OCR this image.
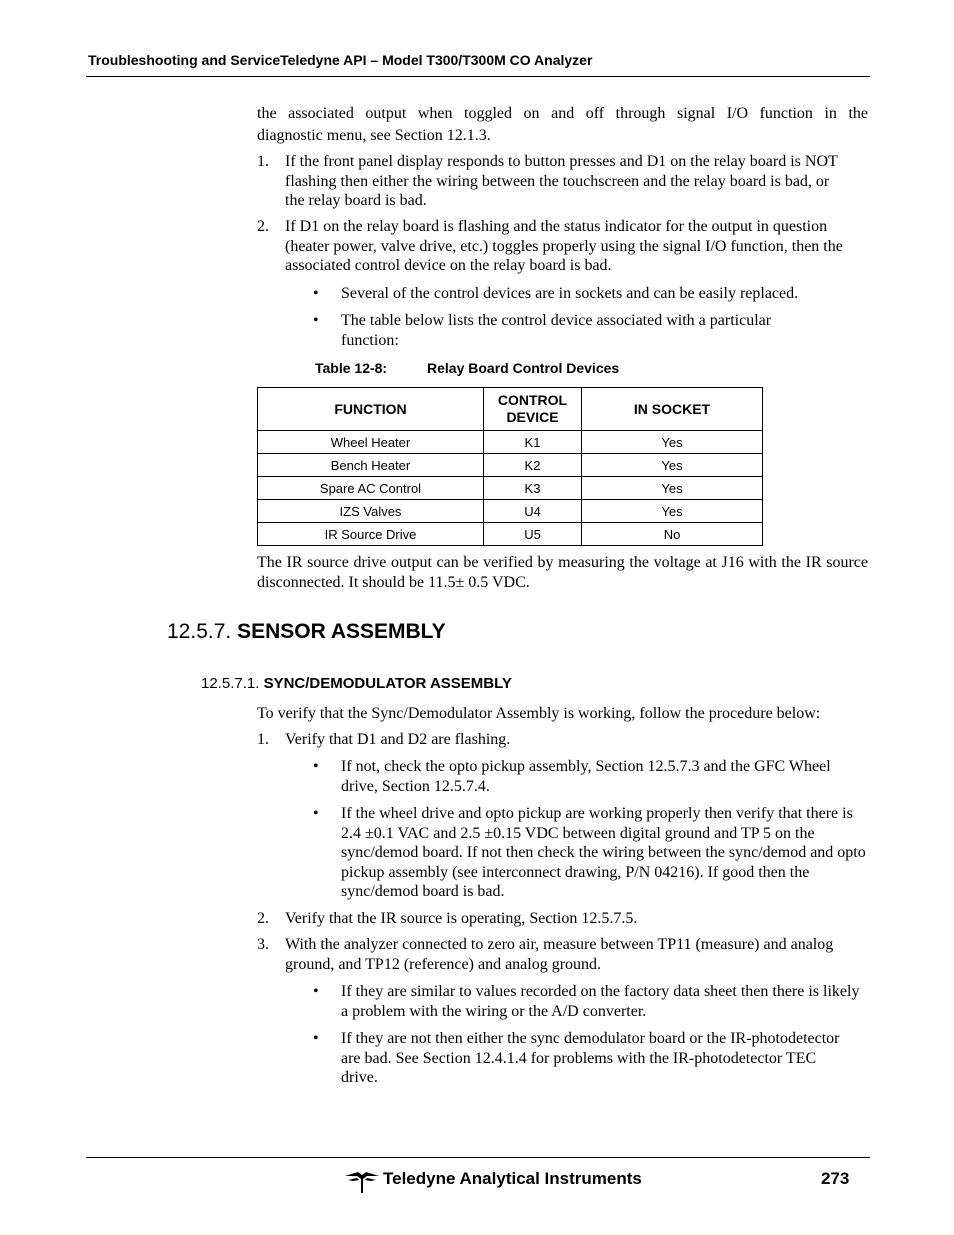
Troubleshooting and ServiceTeledyne API – Model T300/T300M CO Analyzer
the associated output when toggled on and off through signal I/O function in the
diagnostic menu, see Section 12.1.3.
1.	If the front panel display responds to button presses and D1 on the relay board is NOT flashing then either the wiring between the touchscreen and the relay board is bad, or the relay board is bad.
2.	If D1 on the relay board is flashing and the status indicator for the output in question (heater power, valve drive, etc.) toggles properly using the signal I/O function, then the associated control device on the relay board is bad.
•	Several of the control devices are in sockets and can be easily replaced.
•	The table below lists the control device associated with a particular function:
Table 12-8:	Relay Board Control Devices
FUNCTION	CONTROL DEVICE	IN SOCKET
Wheel Heater	K1	Yes
Bench Heater	K2	Yes
Spare AC Control	K3	Yes
IZS Valves	U4	Yes
IR Source Drive	U5	No
The IR source drive output can be verified by measuring the voltage at J16 with the IR source disconnected. It should be 11.5± 0.5 VDC.
12.5.7. SENSOR ASSEMBLY
12.5.7.1. SYNC/DEMODULATOR ASSEMBLY
To verify that the Sync/Demodulator Assembly is working, follow the procedure below:
1.	Verify that D1 and D2 are flashing.
•	If not, check the opto pickup assembly, Section 12.5.7.3 and the GFC Wheel drive, Section 12.5.7.4.
•	If the wheel drive and opto pickup are working properly then verify that there is 2.4 ±0.1 VAC and 2.5 ±0.15 VDC between digital ground and TP 5 on the sync/demod board. If not then check the wiring between the sync/demod and opto pickup assembly (see interconnect drawing, P/N 04216). If good then the sync/demod board is bad.
2.	Verify that the IR source is operating, Section 12.5.7.5.
3.	With the analyzer connected to zero air, measure between TP11 (measure) and analog ground, and TP12 (reference) and analog ground.
•	If they are similar to values recorded on the factory data sheet then there is likely a problem with the wiring or the A/D converter.
•	If they are not then either the sync demodulator board or the IR-photodetector are bad. See Section 12.4.1.4 for problems with the IR-photodetector TEC drive.
Teledyne Analytical Instruments	273
